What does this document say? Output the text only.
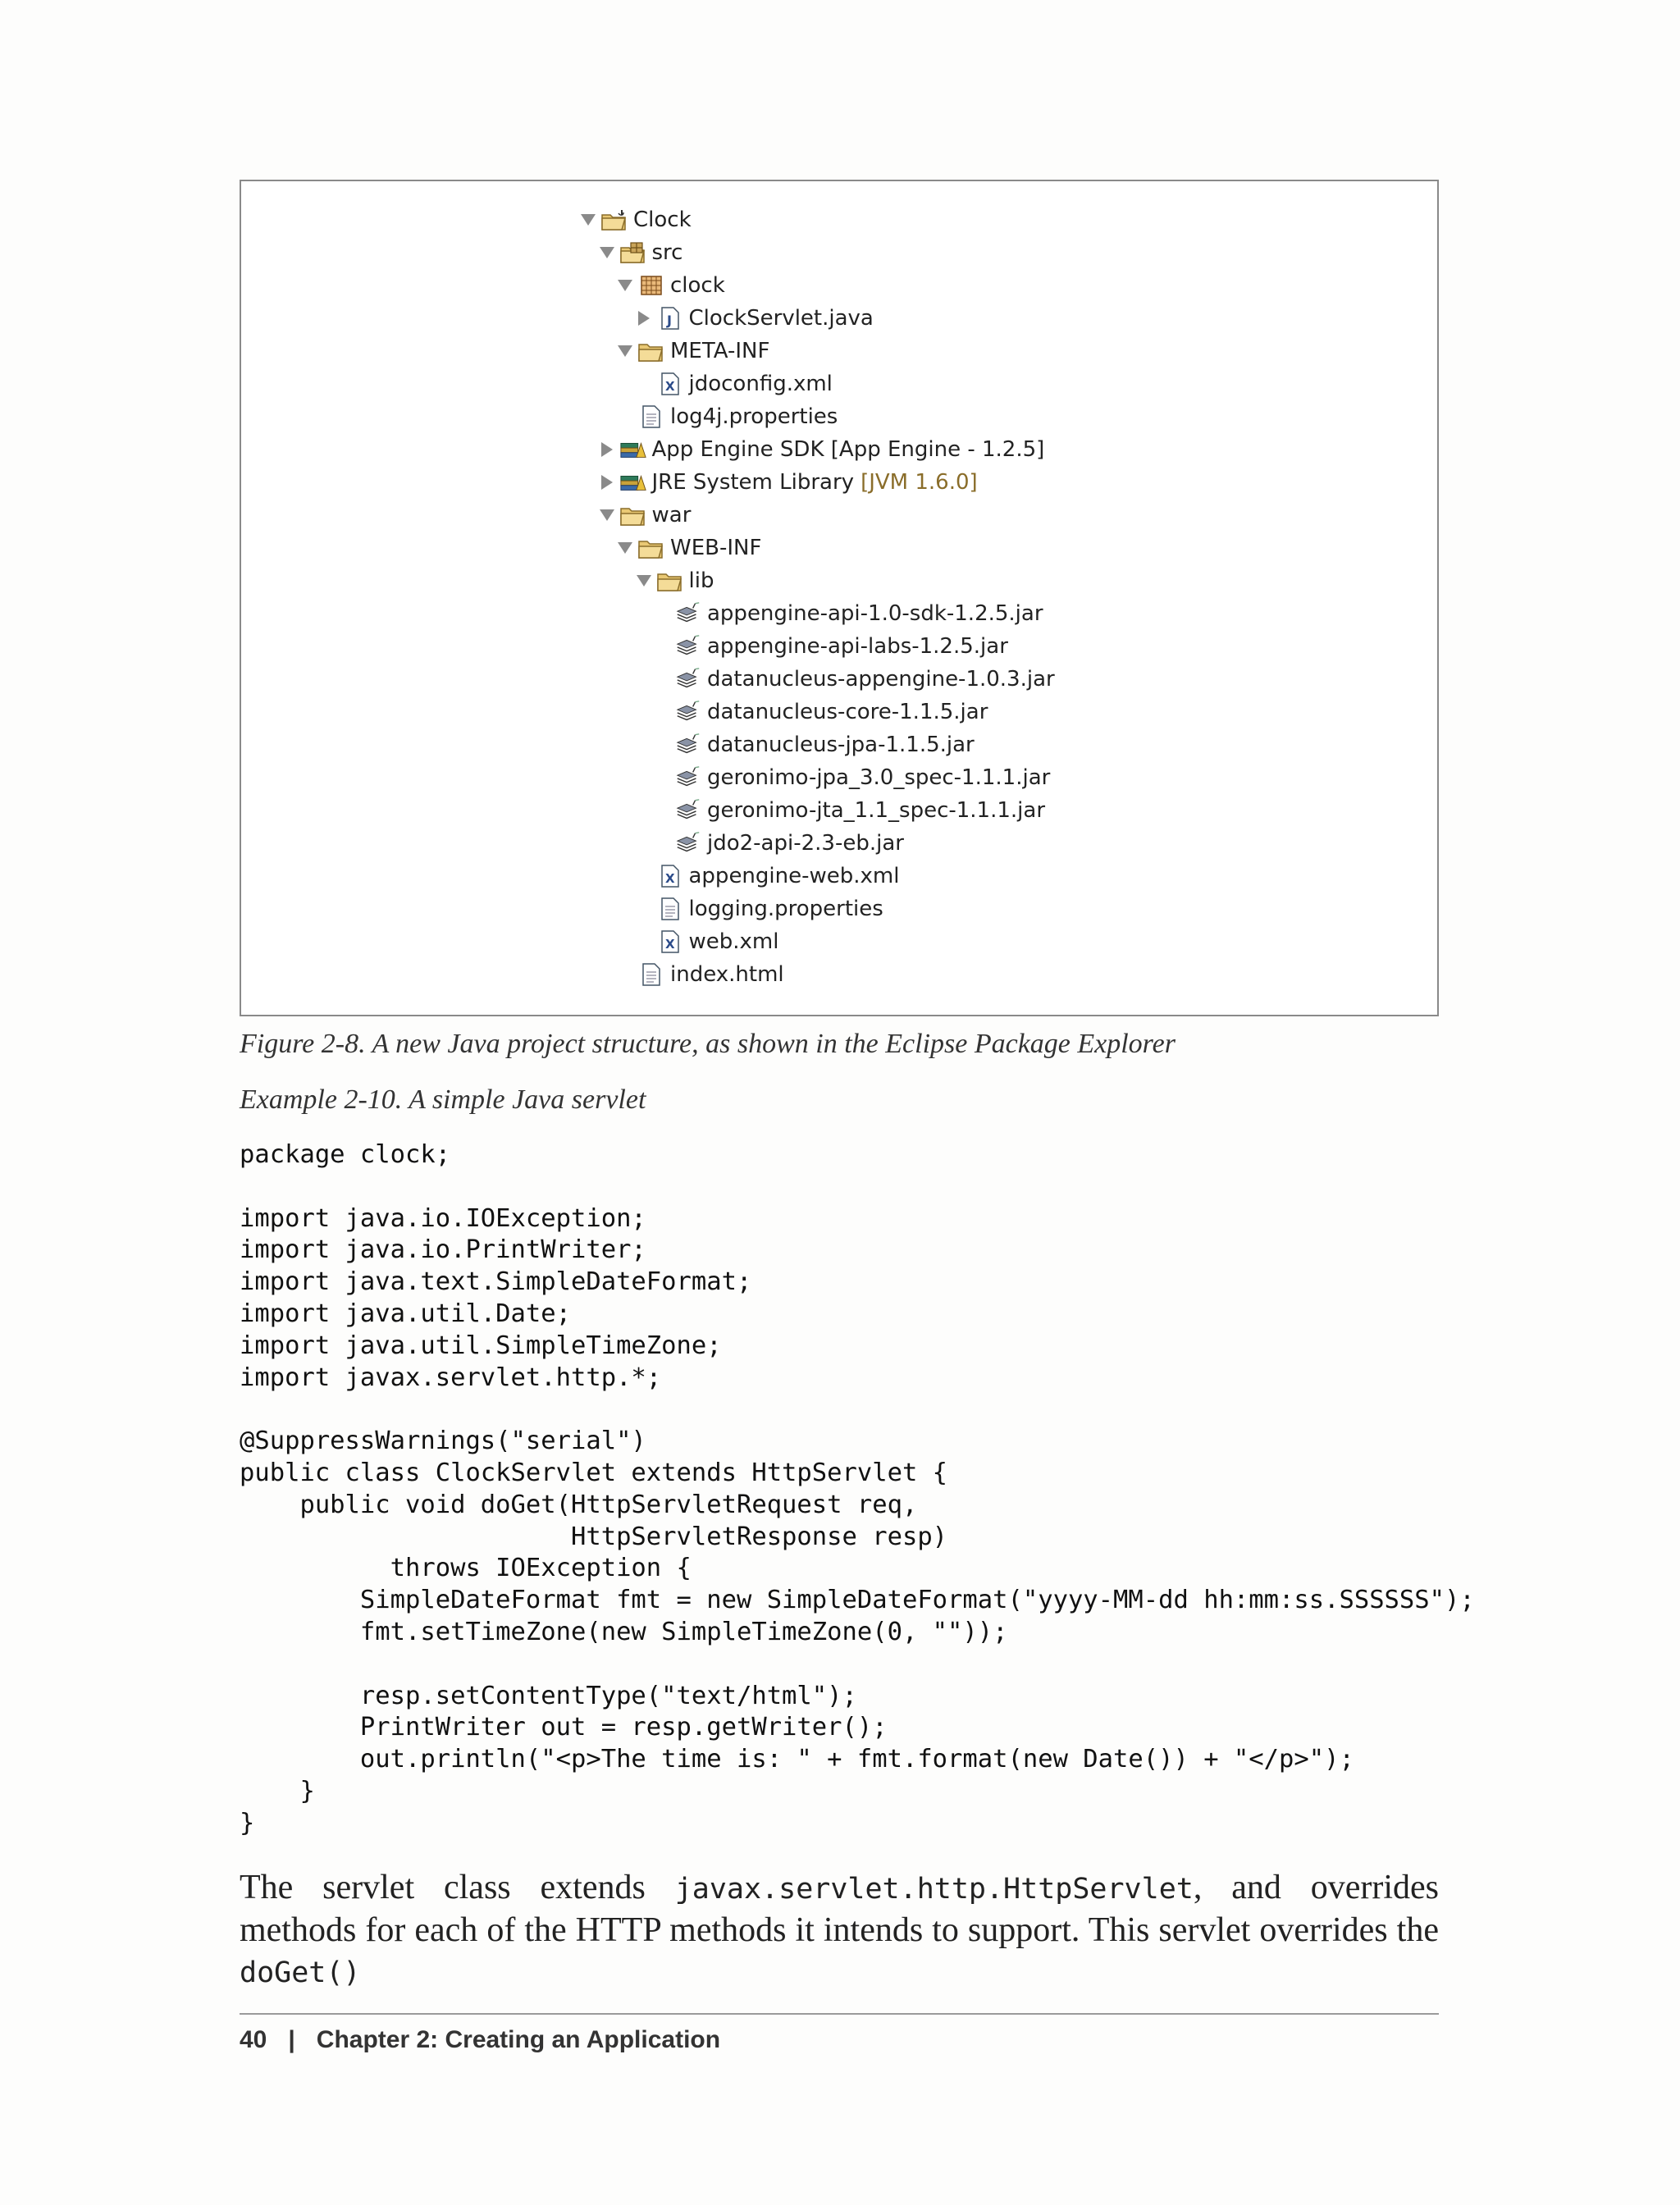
Clock
src
clock
J ClockServlet.java
META-INF
X jdoconfig.xml
log4j.properties
App Engine SDK [App Engine - 1.2.5]
JRE System Library [JVM 1.6.0]
war
WEB-INF
lib
appengine-api-1.0-sdk-1.2.5.jar
appengine-api-labs-1.2.5.jar
datanucleus-appengine-1.0.3.jar
datanucleus-core-1.1.5.jar
datanucleus-jpa-1.1.5.jar
geronimo-jpa_3.0_spec-1.1.1.jar
geronimo-jta_1.1_spec-1.1.1.jar
jdo2-api-2.3-eb.jar
X appengine-web.xml
logging.properties
X web.xml
index.html
Figure 2-8. A new Java project structure, as shown in the Eclipse Package Explorer
Example 2-10. A simple Java servlet
package clock;

import java.io.IOException;
import java.io.PrintWriter;
import java.text.SimpleDateFormat;
import java.util.Date;
import java.util.SimpleTimeZone;
import javax.servlet.http.*;

@SuppressWarnings("serial")
public class ClockServlet extends HttpServlet {
public void doGet(HttpServletRequest req,
HttpServletResponse resp)
throws IOException {
SimpleDateFormat fmt = new SimpleDateFormat("yyyy-MM-dd hh:mm:ss.SSSSSS");
fmt.setTimeZone(new SimpleTimeZone(0, ""));

resp.setContentType("text/html");
PrintWriter out = resp.getWriter();
out.println("<p>The time is: " + fmt.format(new Date()) + "</p>");
}
}
The servlet class extends javax.servlet.http.HttpServlet, and overrides methods for each of the HTTP methods it intends to support. This servlet overrides the doGet()
40 | Chapter 2: Creating an Application
